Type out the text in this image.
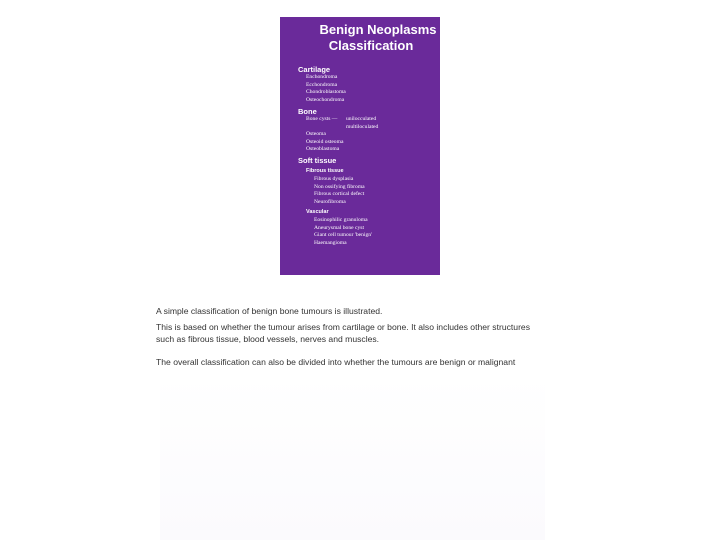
Benign Neoplasms
Classification
Cartilage
Enchondroma
Ecchondroma
Chondroblastoma
Osteochondroma
Bone
Bone cysts — unilocculated
multiloculated
Osteoma
Osteoid osteoma
Osteoblastoma
Soft tissue
Fibrous tissue
Fibrous dysplasia
Non ossifying fibroma
Fibrous cortical defect
Neurofibroma
Vascular
Eosinophilic granuloma
Aneurysmal bone cyst
Giant cell tumour 'benign'
Haemangioma
A simple classification of benign bone tumours is illustrated.
This is based on whether the tumour arises from cartilage or bone. It also includes other structures
such as fibrous tissue, blood vessels, nerves and muscles.
The overall classification can also be divided into whether the tumours are benign or malignant
